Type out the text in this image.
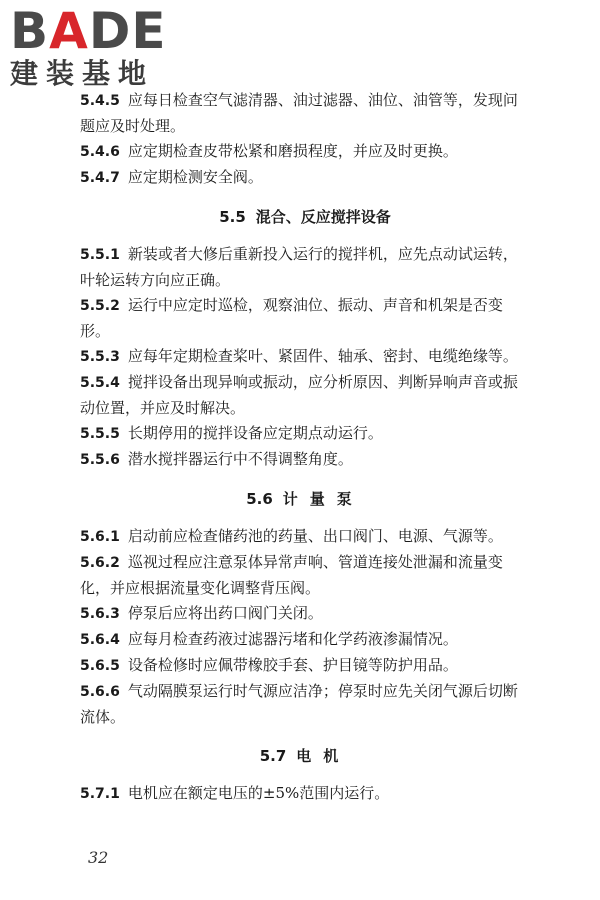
BADE
建装基地
5.4.5 应每日检查空气滤清器、油过滤器、油位、油管等，发现问题应及时处理。
5.4.6 应定期检查皮带松紧和磨损程度，并应及时更换。
5.4.7 应定期检测安全阀。
5.5 混合、反应搅拌设备
5.5.1 新装或者大修后重新投入运行的搅拌机，应先点动试运转，叶轮运转方向应正确。
5.5.2 运行中应定时巡检，观察油位、振动、声音和机架是否变形。
5.5.3 应每年定期检查桨叶、紧固件、轴承、密封、电缆绝缘等。
5.5.4 搅拌设备出现异响或振动，应分析原因、判断异响声音或振动位置，并应及时解决。
5.5.5 长期停用的搅拌设备应定期点动运行。
5.5.6 潜水搅拌器运行中不得调整角度。
5.6 计量泵
5.6.1 启动前应检查储药池的药量、出口阀门、电源、气源等。
5.6.2 巡视过程应注意泵体异常声响、管道连接处泄漏和流量变化，并应根据流量变化调整背压阀。
5.6.3 停泵后应将出药口阀门关闭。
5.6.4 应每月检查药液过滤器污堵和化学药液渗漏情况。
5.6.5 设备检修时应佩带橡胶手套、护目镜等防护用品。
5.6.6 气动隔膜泵运行时气源应洁净；停泵时应先关闭气源后切断流体。
5.7 电机
5.7.1 电机应在额定电压的±5%范围内运行。
32
